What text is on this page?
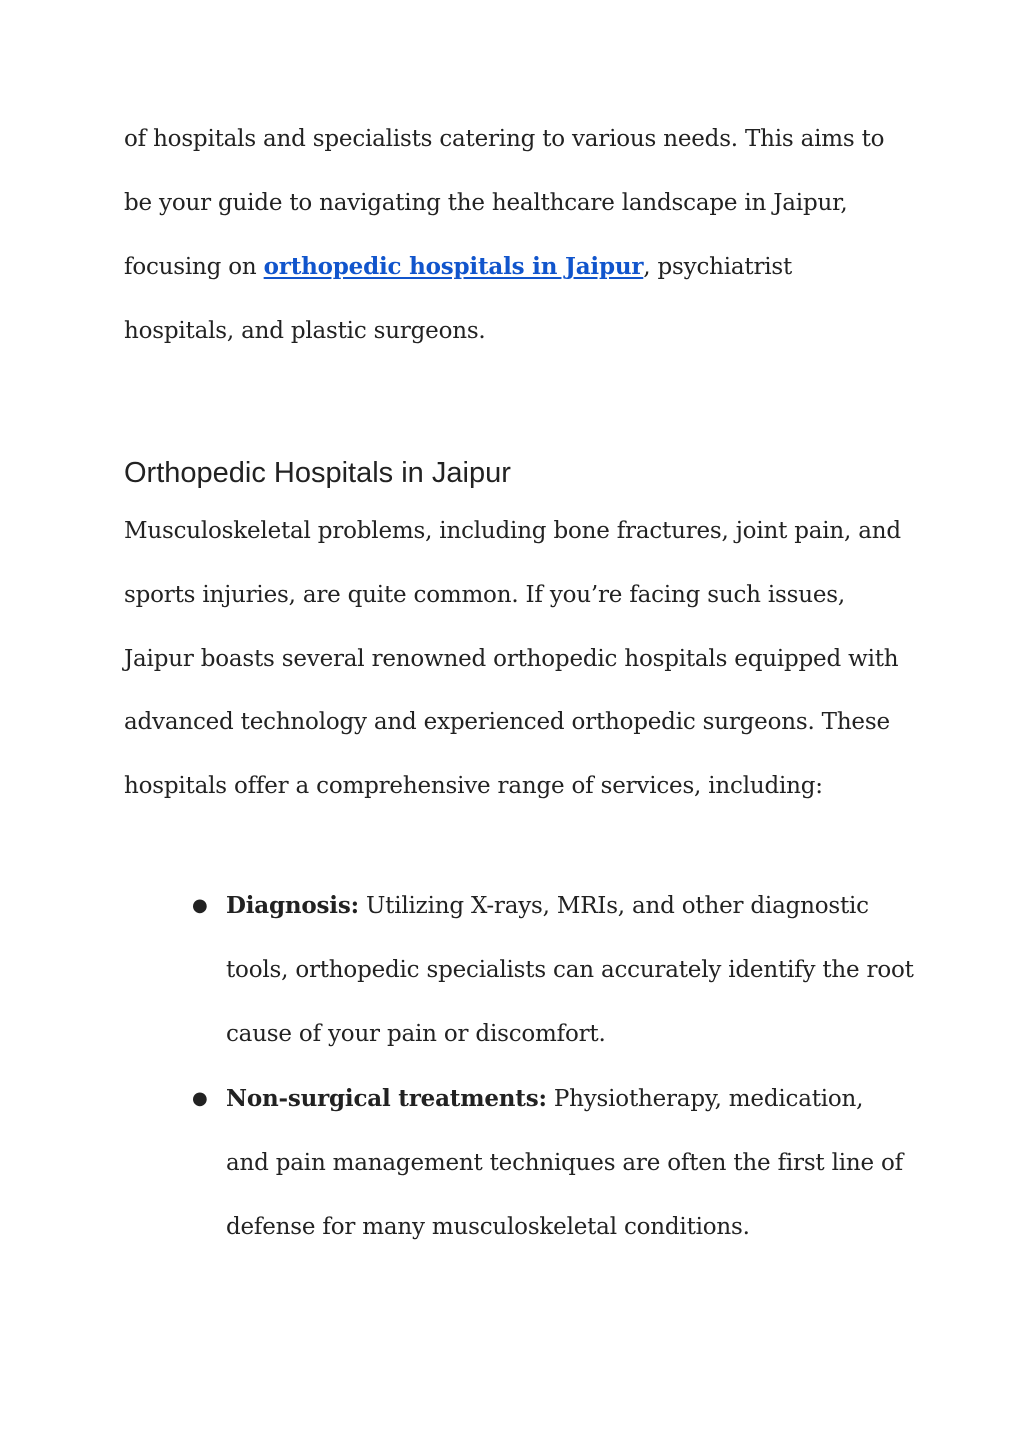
of hospitals and specialists catering to various needs. This aims to
be your guide to navigating the healthcare landscape in Jaipur,
focusing on orthopedic hospitals in Jaipur, psychiatrist
hospitals, and plastic surgeons.
Orthopedic Hospitals in Jaipur
Musculoskeletal problems, including bone fractures, joint pain, and
sports injuries, are quite common. If you’re facing such issues,
Jaipur boasts several renowned orthopedic hospitals equipped with
advanced technology and experienced orthopedic surgeons. These
hospitals offer a comprehensive range of services, including:
● Diagnosis: Utilizing X-rays, MRIs, and other diagnostic
tools, orthopedic specialists can accurately identify the root
cause of your pain or discomfort.
● Non-surgical treatments: Physiotherapy, medication,
and pain management techniques are often the first line of
defense for many musculoskeletal conditions.
